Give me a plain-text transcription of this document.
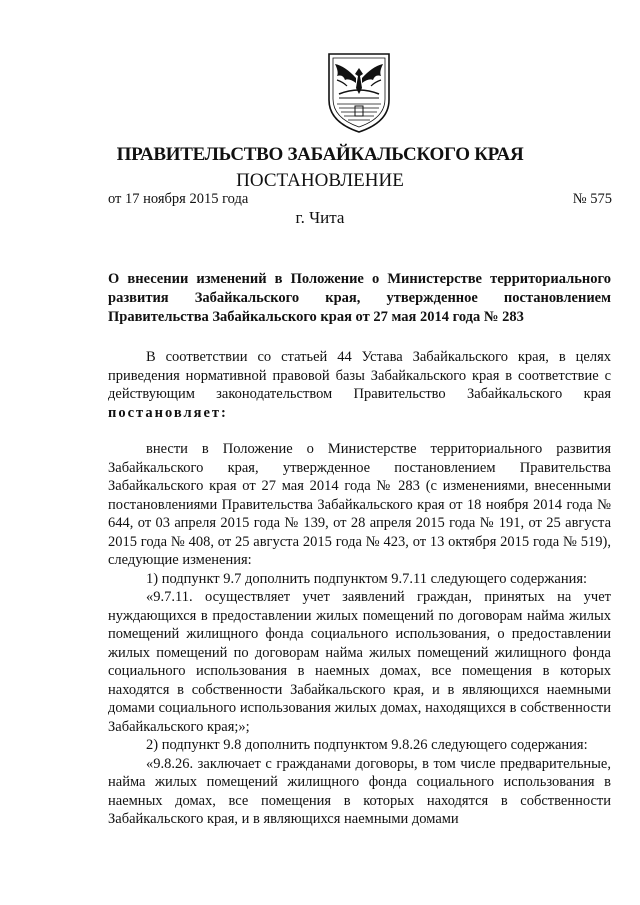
ПРАВИТЕЛЬСТВО ЗАБАЙКАЛЬСКОГО КРАЯ
ПОСТАНОВЛЕНИЕ
от 17 ноября 2015 года	№ 575
г. Чита
О внесении изменений в Положение о Министерстве территориального развития Забайкальского края, утвержденное постановлением Правительства Забайкальского края от 27 мая 2014 года № 283

В соответствии со статьей 44 Устава Забайкальского края, в целях приведения нормативной правовой базы Забайкальского края в соответствие с действующим законодательством Правительство Забайкальского края постановляет:

внести в Положение о Министерстве территориального развития Забайкальского края, утвержденное постановлением Правительства Забайкальского края от 27 мая 2014 года № 283 (с изменениями, внесенными постановлениями Правительства Забайкальского края от 18 ноября 2014 года № 644, от 03 апреля 2015 года № 139, от 28 апреля 2015 года № 191, от 25 августа 2015 года № 408, от 25 августа 2015 года № 423, от 13 октября 2015 года № 519), следующие изменения:

1) подпункт 9.7 дополнить подпунктом 9.7.11 следующего содержания:

«9.7.11. осуществляет учет заявлений граждан, принятых на учет нуждающихся в предоставлении жилых помещений по договорам найма жилых помещений жилищного фонда социального использования, о предоставлении жилых помещений по договорам найма жилых помещений жилищного фонда социального использования в наемных домах, все помещения в которых находятся в собственности Забайкальского края, и в являющихся наемными домами социального использования жилых домах, находящихся в собственности Забайкальского края;»;

2) подпункт 9.8 дополнить подпунктом 9.8.26 следующего содержания:

«9.8.26. заключает с гражданами договоры, в том числе предварительные, найма жилых помещений жилищного фонда социального использования в наемных домах, все помещения в которых находятся в собственности Забайкальского края, и в являющихся наемными домами
